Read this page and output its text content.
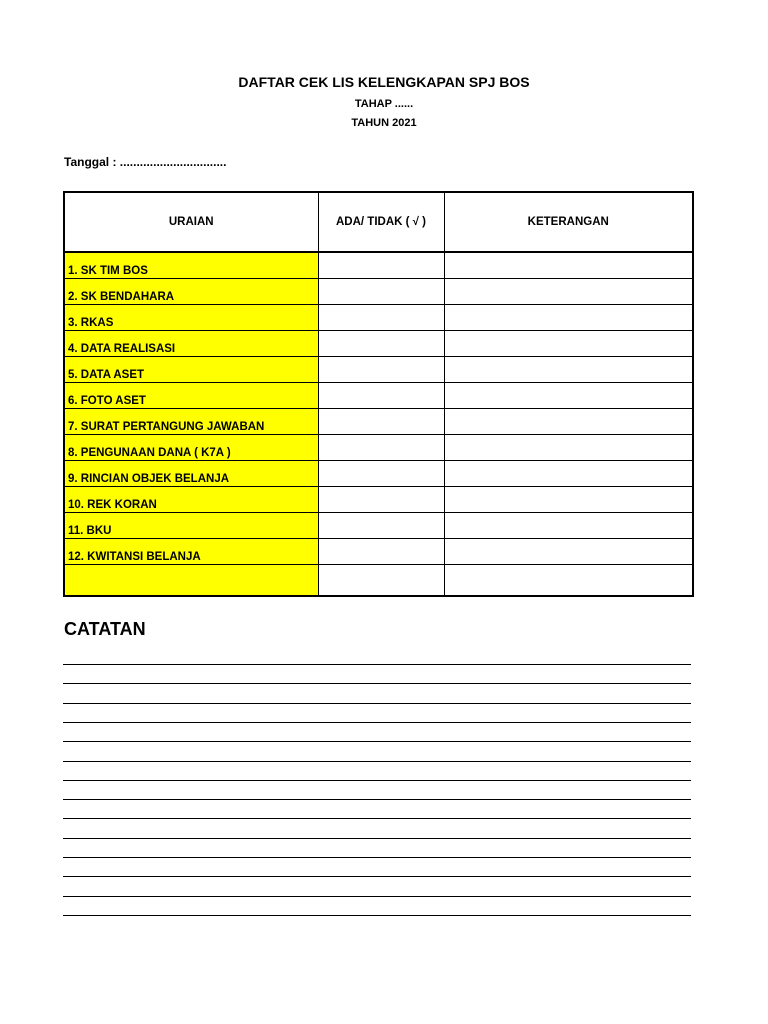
DAFTAR CEK LIS KELENGKAPAN SPJ BOS
TAHAP ......
TAHUN 2021
Tanggal : ................................
URAIAN	ADA/ TIDAK ( √ )	KETERANGAN
1. SK TIM BOS		
2. SK BENDAHARA		
3. RKAS		
4. DATA REALISASI		
5. DATA ASET		
6. FOTO ASET		
7. SURAT PERTANGUNG JAWABAN		
8. PENGUNAAN DANA ( K7A )		
9. RINCIAN OBJEK BELANJA		
10. REK KORAN		
11. BKU		
12. KWITANSI BELANJA		

CATATAN
